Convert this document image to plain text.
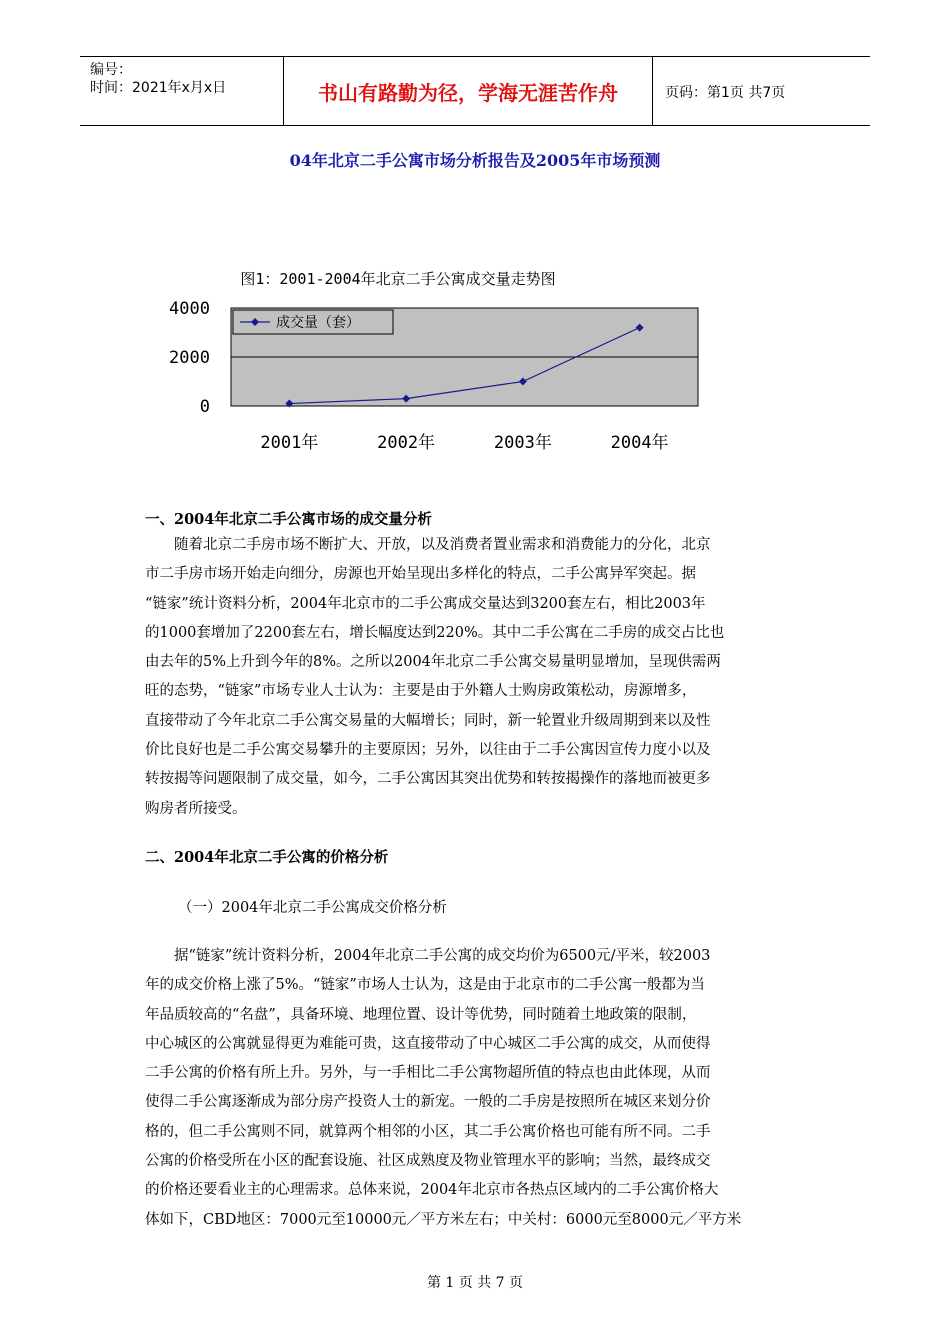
编号：
时间：2021年x月x日	书山有路勤为径，学海无涯苦作舟	页码：第1页 共7页
04年北京二手公寓市场分析报告及2005年市场预测
图1：2001-2004年北京二手公寓成交量走势图
4000
2000
0
2001年	2002年	2003年	2004年
成交量（套）
一、2004年北京二手公寓市场的成交量分析
随着北京二手房市场不断扩大、开放，以及消费者置业需求和消费能力的分化，北京
市二手房市场开始走向细分，房源也开始呈现出多样化的特点，二手公寓异军突起。据
“链家”统计资料分析，2004年北京市的二手公寓成交量达到3200套左右，相比2003年
的1000套增加了2200套左右，增长幅度达到220%。其中二手公寓在二手房的成交占比也
由去年的5%上升到今年的8%。之所以2004年北京二手公寓交易量明显增加，呈现供需两
旺的态势，“链家”市场专业人士认为：主要是由于外籍人士购房政策松动，房源增多，
直接带动了今年北京二手公寓交易量的大幅增长；同时，新一轮置业升级周期到来以及性
价比良好也是二手公寓交易攀升的主要原因；另外，以往由于二手公寓因宣传力度小以及
转按揭等问题限制了成交量，如今，二手公寓因其突出优势和转按揭操作的落地而被更多
购房者所接受。
二、2004年北京二手公寓的价格分析
（一）2004年北京二手公寓成交价格分析
据“链家”统计资料分析，2004年北京二手公寓的成交均价为6500元/平米，较2003
年的成交价格上涨了5%。“链家”市场人士认为，这是由于北京市的二手公寓一般都为当
年品质较高的“名盘”，具备环境、地理位置、设计等优势，同时随着土地政策的限制，
中心城区的公寓就显得更为难能可贵，这直接带动了中心城区二手公寓的成交，从而使得
二手公寓的价格有所上升。另外，与一手相比二手公寓物超所值的特点也由此体现，从而
使得二手公寓逐渐成为部分房产投资人士的新宠。一般的二手房是按照所在城区来划分价
格的，但二手公寓则不同，就算两个相邻的小区，其二手公寓价格也可能有所不同。二手
公寓的价格受所在小区的配套设施、社区成熟度及物业管理水平的影响；当然，最终成交
的价格还要看业主的心理需求。总体来说，2004年北京市各热点区域内的二手公寓价格大
体如下，CBD地区：7000元至10000元／平方米左右；中关村：6000元至8000元／平方米
第 1 页 共 7 页
